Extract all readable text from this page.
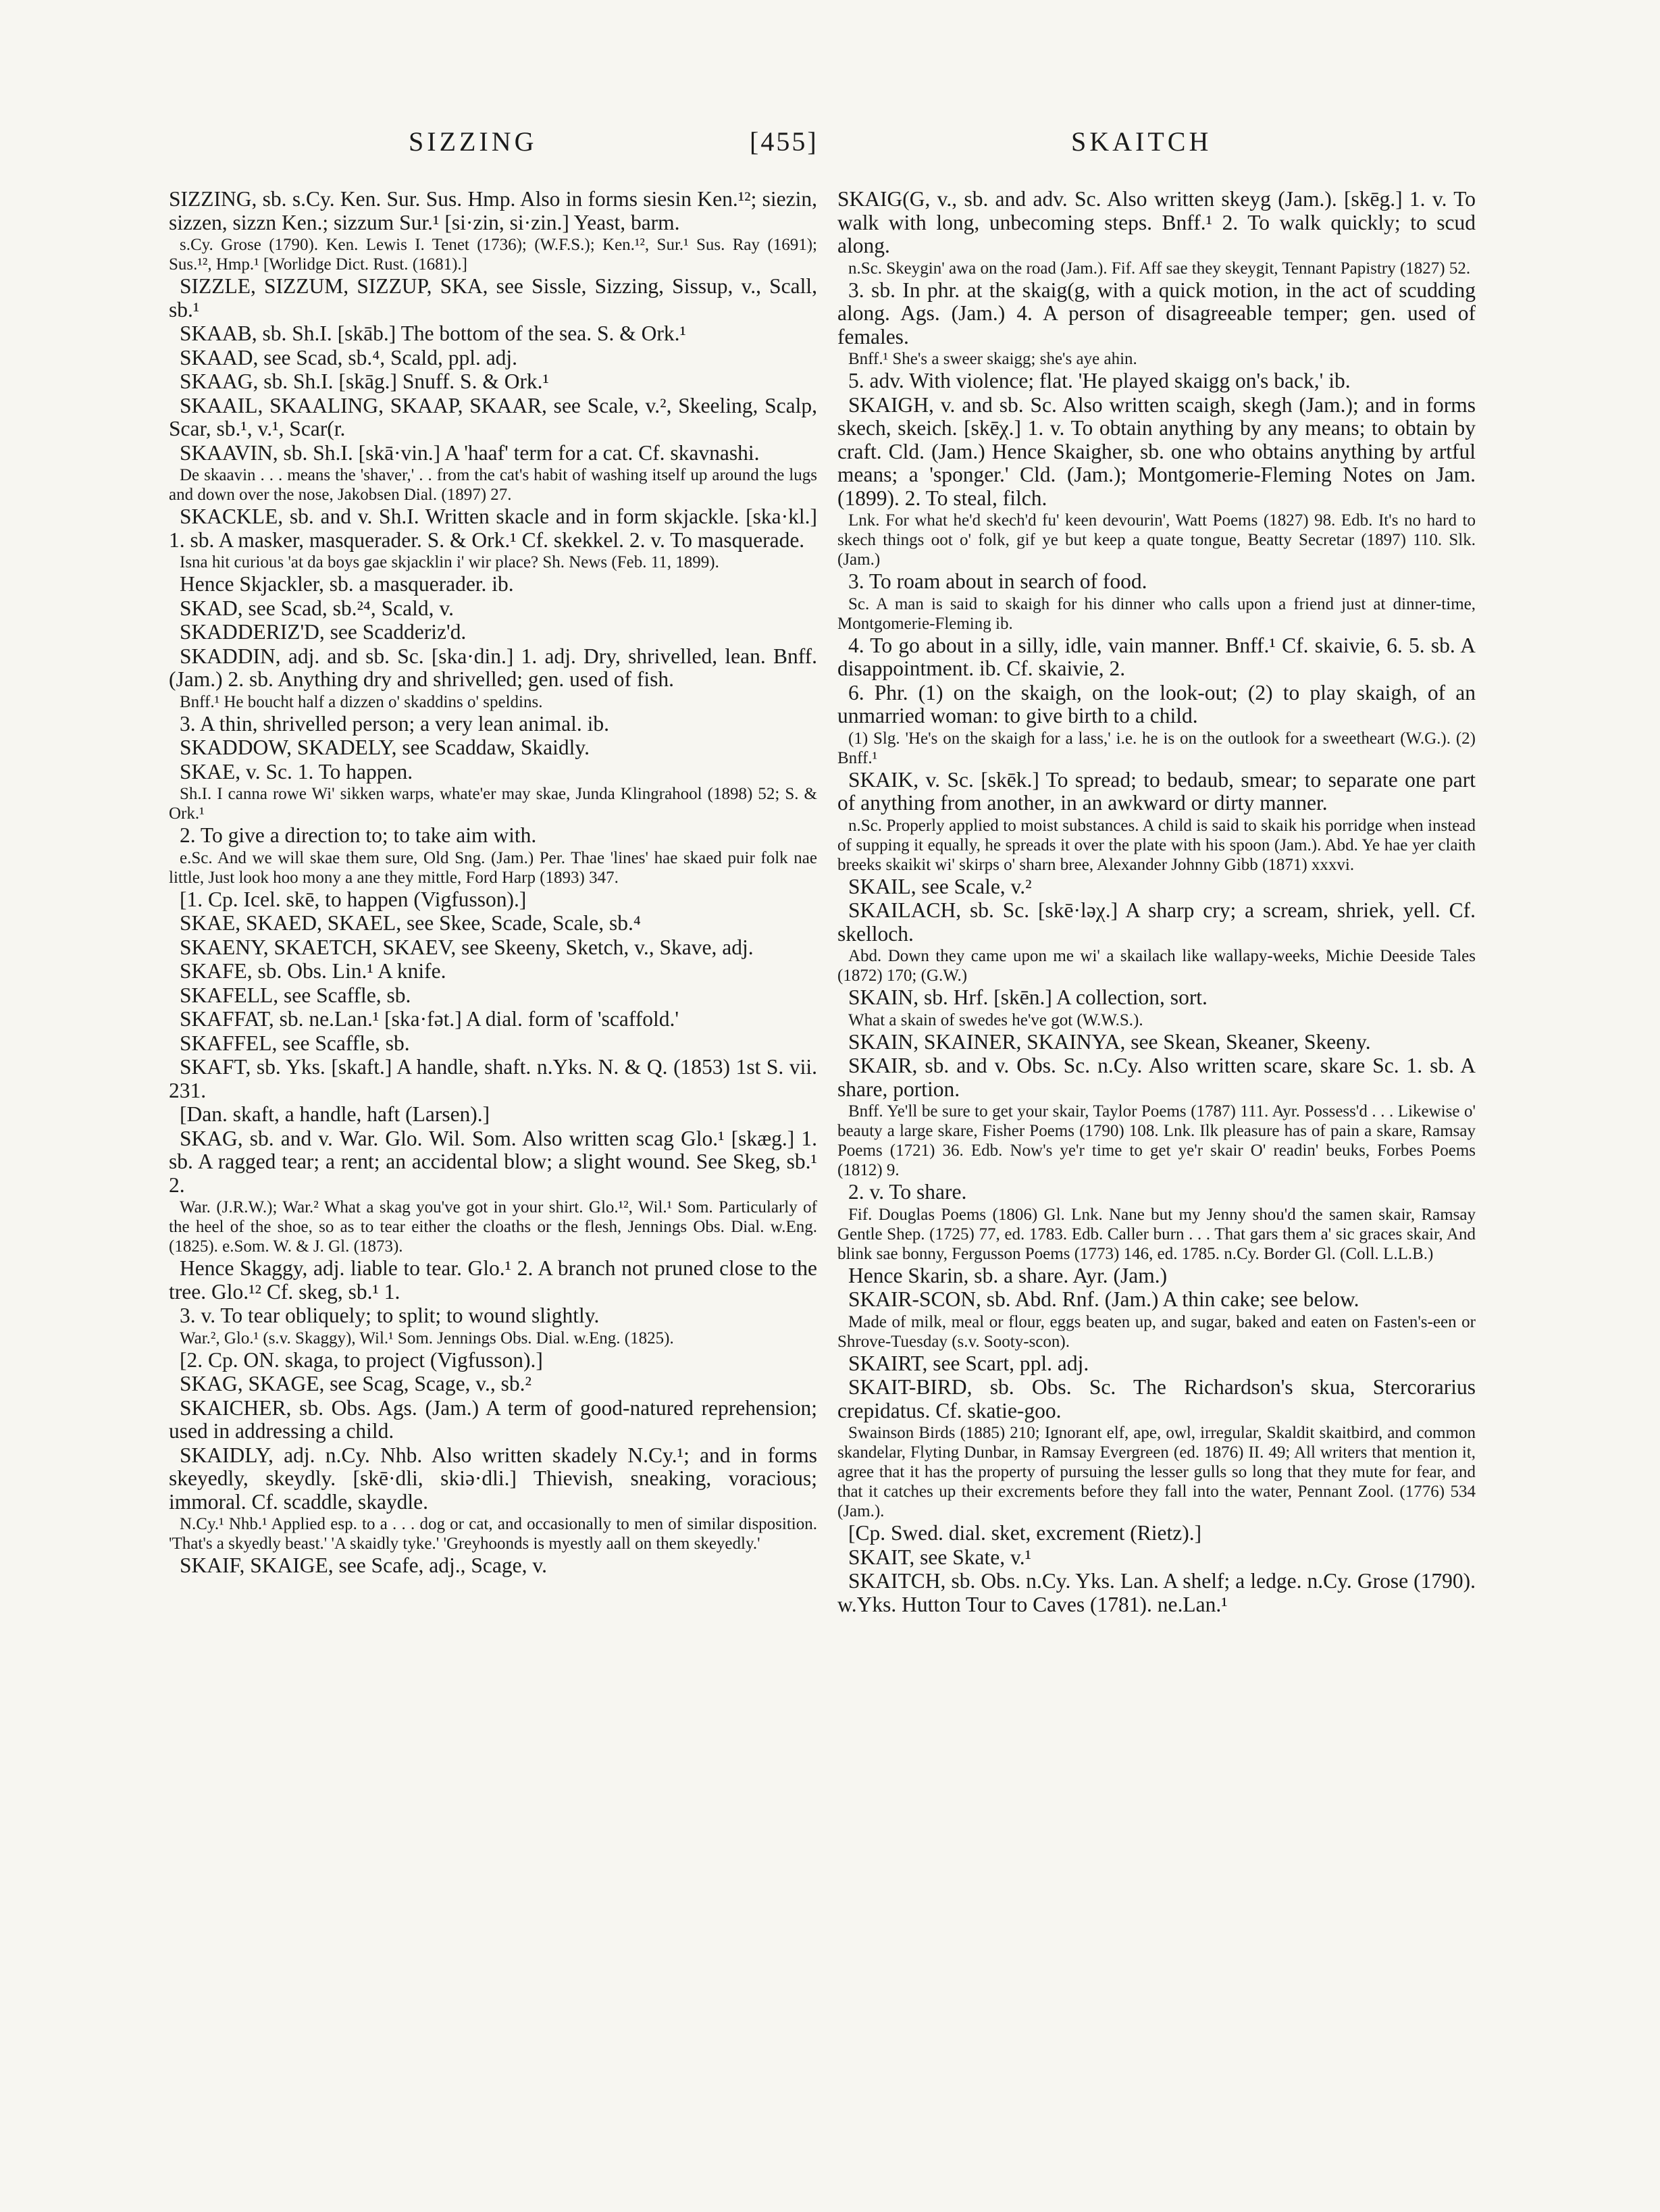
SIZZING	[455]	SKAITCH

SIZZING, sb. s.Cy. Ken. Sur. Sus. Hmp. Also in forms siesin Ken.¹²; siezin, sizzen, sizzn Ken.; sizzum Sur.¹ [si·zin, si·zin.] Yeast, barm.

s.Cy. Grose (1790). Ken. Lewis I. Tenet (1736); (W.F.S.); Ken.¹², Sur.¹ Sus. Ray (1691); Sus.¹², Hmp.¹ [Worlidge Dict. Rust. (1681).]

SIZZLE, SIZZUM, SIZZUP, SKA, see Sissle, Sizzing, Sissup, v., Scall, sb.¹

SKAAB, sb. Sh.I. [skāb.] The bottom of the sea. S. & Ork.¹

SKAAD, see Scad, sb.⁴, Scald, ppl. adj.

SKAAG, sb. Sh.I. [skāg.] Snuff. S. & Ork.¹

SKAAIL, SKAALING, SKAAP, SKAAR, see Scale, v.², Skeeling, Scalp, Scar, sb.¹, v.¹, Scar(r.

SKAAVIN, sb. Sh.I. [skā·vin.] A 'haaf' term for a cat. Cf. skavnashi.

De skaavin . . . means the 'shaver,' . . from the cat's habit of washing itself up around the lugs and down over the nose, Jakobsen Dial. (1897) 27.

SKACKLE, sb. and v. Sh.I. Written skacle and in form skjackle. [ska·kl.] 1. sb. A masker, masquerader. S. & Ork.¹ Cf. skekkel. 2. v. To masquerade.

Isna hit curious 'at da boys gae skjacklin i' wir place? Sh. News (Feb. 11, 1899).

Hence Skjackler, sb. a masquerader. ib.

SKAD, see Scad, sb.²⁴, Scald, v.

SKADDERIZ'D, see Scadderiz'd.

SKADDIN, adj. and sb. Sc. [ska·din.] 1. adj. Dry, shrivelled, lean. Bnff. (Jam.) 2. sb. Anything dry and shrivelled; gen. used of fish.

Bnff.¹ He boucht half a dizzen o' skaddins o' speldins.

3. A thin, shrivelled person; a very lean animal. ib.

SKADDOW, SKADELY, see Scaddaw, Skaidly.

SKAE, v. Sc. 1. To happen.

Sh.I. I canna rowe Wi' sikken warps, whate'er may skae, Junda Klingrahool (1898) 52; S. & Ork.¹

2. To give a direction to; to take aim with.

e.Sc. And we will skae them sure, Old Sng. (Jam.) Per. Thae 'lines' hae skaed puir folk nae little, Just look hoo mony a ane they mittle, Ford Harp (1893) 347.

[1. Cp. Icel. skē, to happen (Vigfusson).]

SKAE, SKAED, SKAEL, see Skee, Scade, Scale, sb.⁴

SKAENY, SKAETCH, SKAEV, see Skeeny, Sketch, v., Skave, adj.

SKAFE, sb. Obs. Lin.¹ A knife.

SKAFELL, see Scaffle, sb.

SKAFFAT, sb. ne.Lan.¹ [ska·fət.] A dial. form of 'scaffold.'

SKAFFEL, see Scaffle, sb.

SKAFT, sb. Yks. [skaft.] A handle, shaft. n.Yks. N. & Q. (1853) 1st S. vii. 231.

[Dan. skaft, a handle, haft (Larsen).]

SKAG, sb. and v. War. Glo. Wil. Som. Also written scag Glo.¹ [skæg.] 1. sb. A ragged tear; a rent; an accidental blow; a slight wound. See Skeg, sb.¹ 2.

War. (J.R.W.); War.² What a skag you've got in your shirt. Glo.¹², Wil.¹ Som. Particularly of the heel of the shoe, so as to tear either the cloaths or the flesh, Jennings Obs. Dial. w.Eng. (1825). e.Som. W. & J. Gl. (1873).

Hence Skaggy, adj. liable to tear. Glo.¹ 2. A branch not pruned close to the tree. Glo.¹² Cf. skeg, sb.¹ 1.

3. v. To tear obliquely; to split; to wound slightly.

War.², Glo.¹ (s.v. Skaggy), Wil.¹ Som. Jennings Obs. Dial. w.Eng. (1825).

[2. Cp. ON. skaga, to project (Vigfusson).]

SKAG, SKAGE, see Scag, Scage, v., sb.²

SKAICHER, sb. Obs. Ags. (Jam.) A term of good-natured reprehension; used in addressing a child.

SKAIDLY, adj. n.Cy. Nhb. Also written skadely N.Cy.¹; and in forms skeyedly, skeydly. [skē·dli, skiə·dli.] Thievish, sneaking, voracious; immoral. Cf. scaddle, skaydle.

N.Cy.¹ Nhb.¹ Applied esp. to a . . . dog or cat, and occasionally to men of similar disposition. 'That's a skyedly beast.' 'A skaidly tyke.' 'Greyhoonds is myestly aall on them skeyedly.'

SKAIF, SKAIGE, see Scafe, adj., Scage, v.

SKAIG(G, v., sb. and adv. Sc. Also written skeyg (Jam.). [skēg.] 1. v. To walk with long, unbecoming steps. Bnff.¹ 2. To walk quickly; to scud along.

n.Sc. Skeygin' awa on the road (Jam.). Fif. Aff sae they skeygit, Tennant Papistry (1827) 52.

3. sb. In phr. at the skaig(g, with a quick motion, in the act of scudding along. Ags. (Jam.) 4. A person of disagreeable temper; gen. used of females.

Bnff.¹ She's a sweer skaigg; she's aye ahin.

5. adv. With violence; flat. 'He played skaigg on's back,' ib.

SKAIGH, v. and sb. Sc. Also written scaigh, skegh (Jam.); and in forms skech, skeich. [skēχ.] 1. v. To obtain anything by any means; to obtain by craft. Cld. (Jam.) Hence Skaigher, sb. one who obtains anything by artful means; a 'sponger.' Cld. (Jam.); Montgomerie-Fleming Notes on Jam. (1899). 2. To steal, filch.

Lnk. For what he'd skech'd fu' keen devourin', Watt Poems (1827) 98. Edb. It's no hard to skech things oot o' folk, gif ye but keep a quate tongue, Beatty Secretar (1897) 110. Slk. (Jam.)

3. To roam about in search of food.

Sc. A man is said to skaigh for his dinner who calls upon a friend just at dinner-time, Montgomerie-Fleming ib.

4. To go about in a silly, idle, vain manner. Bnff.¹ Cf. skaivie, 6. 5. sb. A disappointment. ib. Cf. skaivie, 2.

6. Phr. (1) on the skaigh, on the look-out; (2) to play skaigh, of an unmarried woman: to give birth to a child.

(1) Slg. 'He's on the skaigh for a lass,' i.e. he is on the outlook for a sweetheart (W.G.). (2) Bnff.¹

SKAIK, v. Sc. [skēk.] To spread; to bedaub, smear; to separate one part of anything from another, in an awkward or dirty manner.

n.Sc. Properly applied to moist substances. A child is said to skaik his porridge when instead of supping it equally, he spreads it over the plate with his spoon (Jam.). Abd. Ye hae yer claith breeks skaikit wi' skirps o' sharn bree, Alexander Johnny Gibb (1871) xxxvi.

SKAIL, see Scale, v.²

SKAILACH, sb. Sc. [skē·ləχ.] A sharp cry; a scream, shriek, yell. Cf. skelloch.

Abd. Down they came upon me wi' a skailach like wallapy-weeks, Michie Deeside Tales (1872) 170; (G.W.)

SKAIN, sb. Hrf. [skēn.] A collection, sort.

What a skain of swedes he've got (W.W.S.).

SKAIN, SKAINER, SKAINYA, see Skean, Skeaner, Skeeny.

SKAIR, sb. and v. Obs. Sc. n.Cy. Also written scare, skare Sc. 1. sb. A share, portion.

Bnff. Ye'll be sure to get your skair, Taylor Poems (1787) 111. Ayr. Possess'd . . . Likewise o' beauty a large skare, Fisher Poems (1790) 108. Lnk. Ilk pleasure has of pain a skare, Ramsay Poems (1721) 36. Edb. Now's ye'r time to get ye'r skair O' readin' beuks, Forbes Poems (1812) 9.

2. v. To share.

Fif. Douglas Poems (1806) Gl. Lnk. Nane but my Jenny shou'd the samen skair, Ramsay Gentle Shep. (1725) 77, ed. 1783. Edb. Caller burn . . . That gars them a' sic graces skair, And blink sae bonny, Fergusson Poems (1773) 146, ed. 1785. n.Cy. Border Gl. (Coll. L.L.B.)

Hence Skarin, sb. a share. Ayr. (Jam.)

SKAIR-SCON, sb. Abd. Rnf. (Jam.) A thin cake; see below.

Made of milk, meal or flour, eggs beaten up, and sugar, baked and eaten on Fasten's-een or Shrove-Tuesday (s.v. Sooty-scon).

SKAIRT, see Scart, ppl. adj.

SKAIT-BIRD, sb. Obs. Sc. The Richardson's skua, Stercorarius crepidatus. Cf. skatie-goo.

Swainson Birds (1885) 210; Ignorant elf, ape, owl, irregular, Skaldit skaitbird, and common skandelar, Flyting Dunbar, in Ramsay Evergreen (ed. 1876) II. 49; All writers that mention it, agree that it has the property of pursuing the lesser gulls so long that they mute for fear, and that it catches up their excrements before they fall into the water, Pennant Zool. (1776) 534 (Jam.).

[Cp. Swed. dial. sket, excrement (Rietz).]

SKAIT, see Skate, v.¹

SKAITCH, sb. Obs. n.Cy. Yks. Lan. A shelf; a ledge. n.Cy. Grose (1790). w.Yks. Hutton Tour to Caves (1781). ne.Lan.¹
